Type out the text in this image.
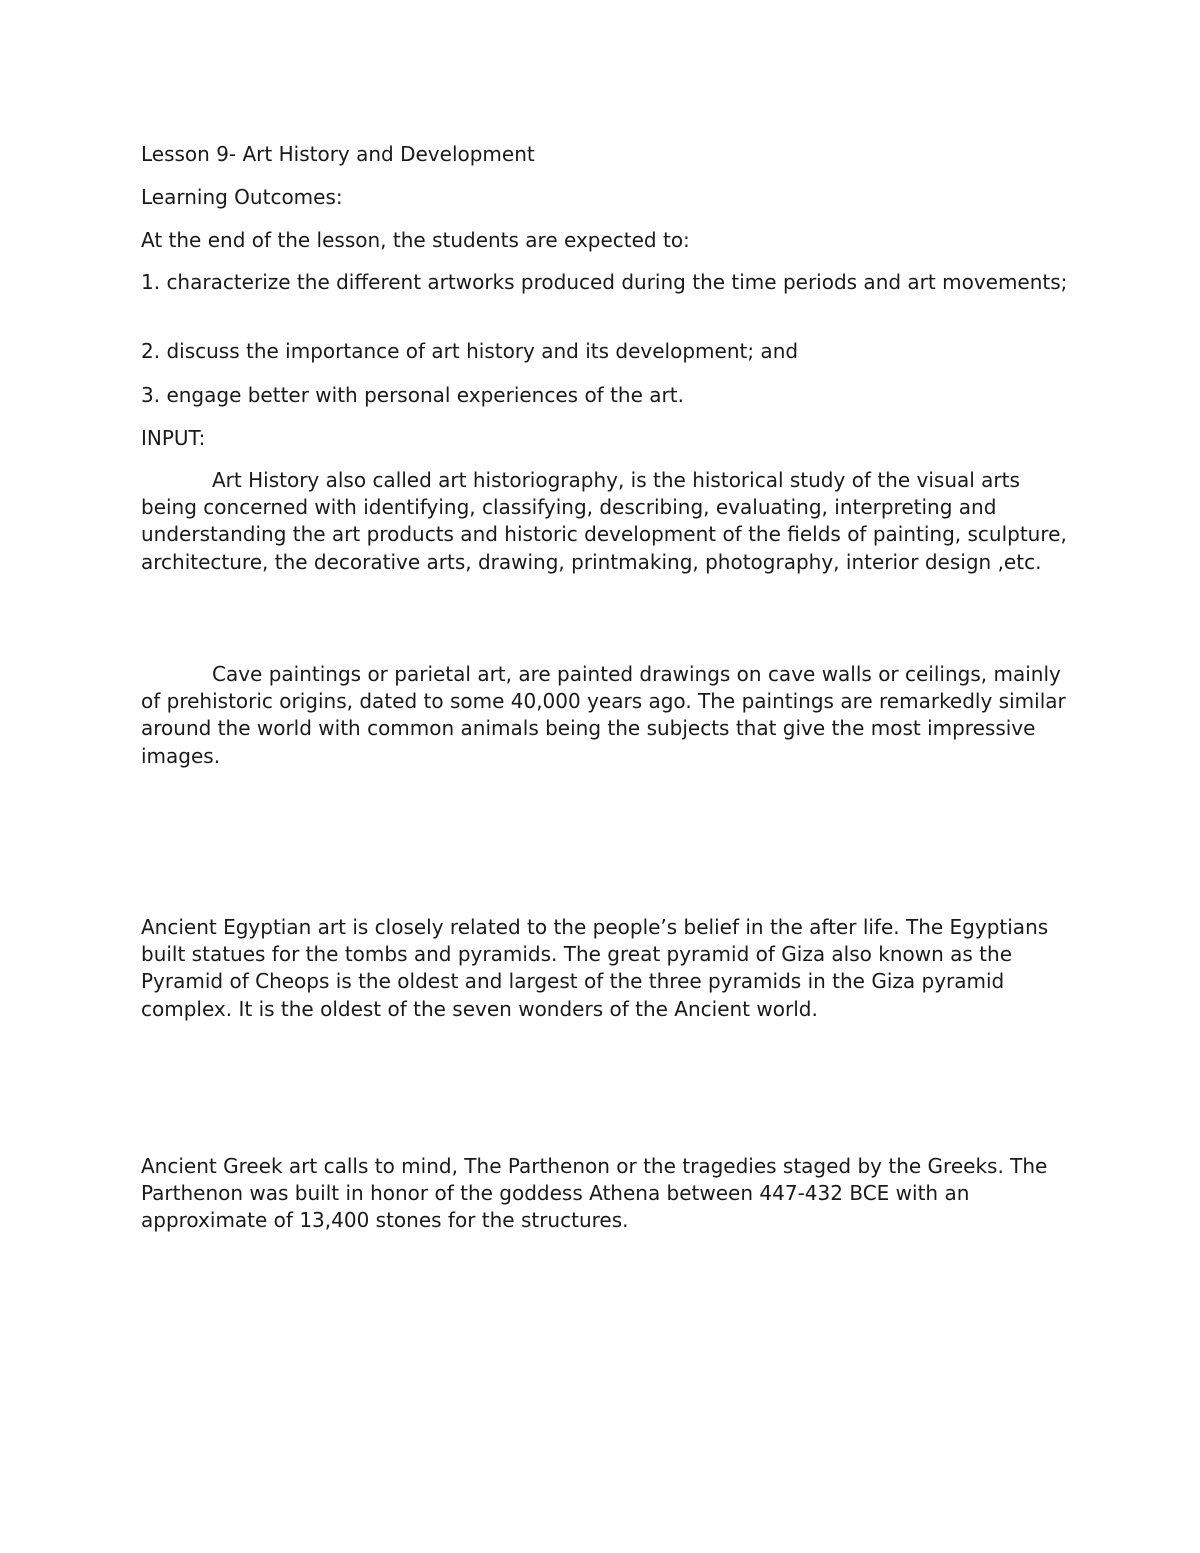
Lesson 9- Art History and Development
Learning Outcomes:
At the end of the lesson, the students are expected to:

1. characterize the different artworks produced during the time periods and art movements;

2. discuss the importance of art history and its development; and
3. engage better with personal experiences of the art.
INPUT:

Art History also called art historiography, is the historical study of the visual arts being concerned with identifying, classifying, describing, evaluating, interpreting and understanding the art products and historic development of the fields of painting, sculpture, architecture, the decorative arts, drawing, printmaking, photography, interior design ,etc.

Cave paintings or parietal art, are painted drawings on cave walls or ceilings, mainly of prehistoric origins, dated to some 40,000 years ago. The paintings are remarkedly similar around the world with common animals being the subjects that give the most impressive images.

Ancient Egyptian art is closely related to the people’s belief in the after life. The Egyptians built statues for the tombs and pyramids. The great pyramid of Giza also known as the Pyramid of Cheops is the oldest and largest of the three pyramids in the Giza pyramid complex. It is the oldest of the seven wonders of the Ancient world.

Ancient Greek art calls to mind, The Parthenon or the tragedies staged by the Greeks. The Parthenon was built in honor of the goddess Athena between 447-432 BCE with an approximate of 13,400 stones for the structures.
